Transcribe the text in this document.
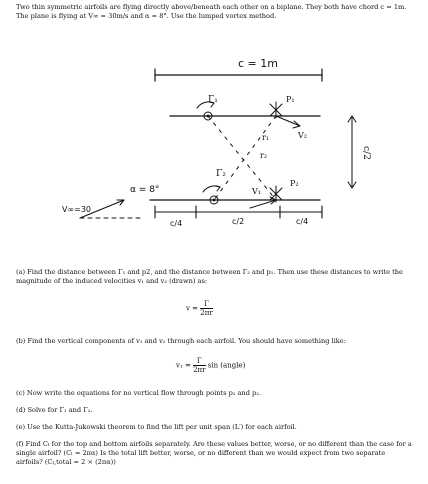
Two thin symmetric airfoils are flying directly above/beneath each other on a biplane. They both have chord c = 1m. The plane is flying at V∞ = 30m/s and α = 8°. Use the lumped vortex method.
c = 1m
Γ₁	P₁
V₂
c/2
r₁
r₂
Γ₂
P₂
V₁
V∞=30
α = 8°
c/4	c/2	c/4
(a) Find the distance between Γ₁ and p2, and the distance between Γ₂ and p₁. Then use these distances to write the magnitude of the induced velocities v₁ and v₂ (drawn) as:
$v = \frac{\Gamma}{2\pi r}$
(b) Find the vertical components of v₁ and v₂ through each airfoil. You should have something like:
$v_1 = \frac{\Gamma}{2\pi r}$ sin (angle)
(c) Now write the equations for no vertical flow through points p₁ and p₂.
(d) Solve for Γ₁ and Γ₂.
(e) Use the Kutta-Jukowski theorem to find the lift per unit span (L′) for each airfoil.
(f) Find Cₗ for the top and bottom airfoils separately. Are these values better, worse, or no different than the case for a single airfoil? (Cₗ = 2πα) Is the total lift better, worse, or no different than we would expect from two separate airfoils? (Cₗ,total = 2 × (2πα))
